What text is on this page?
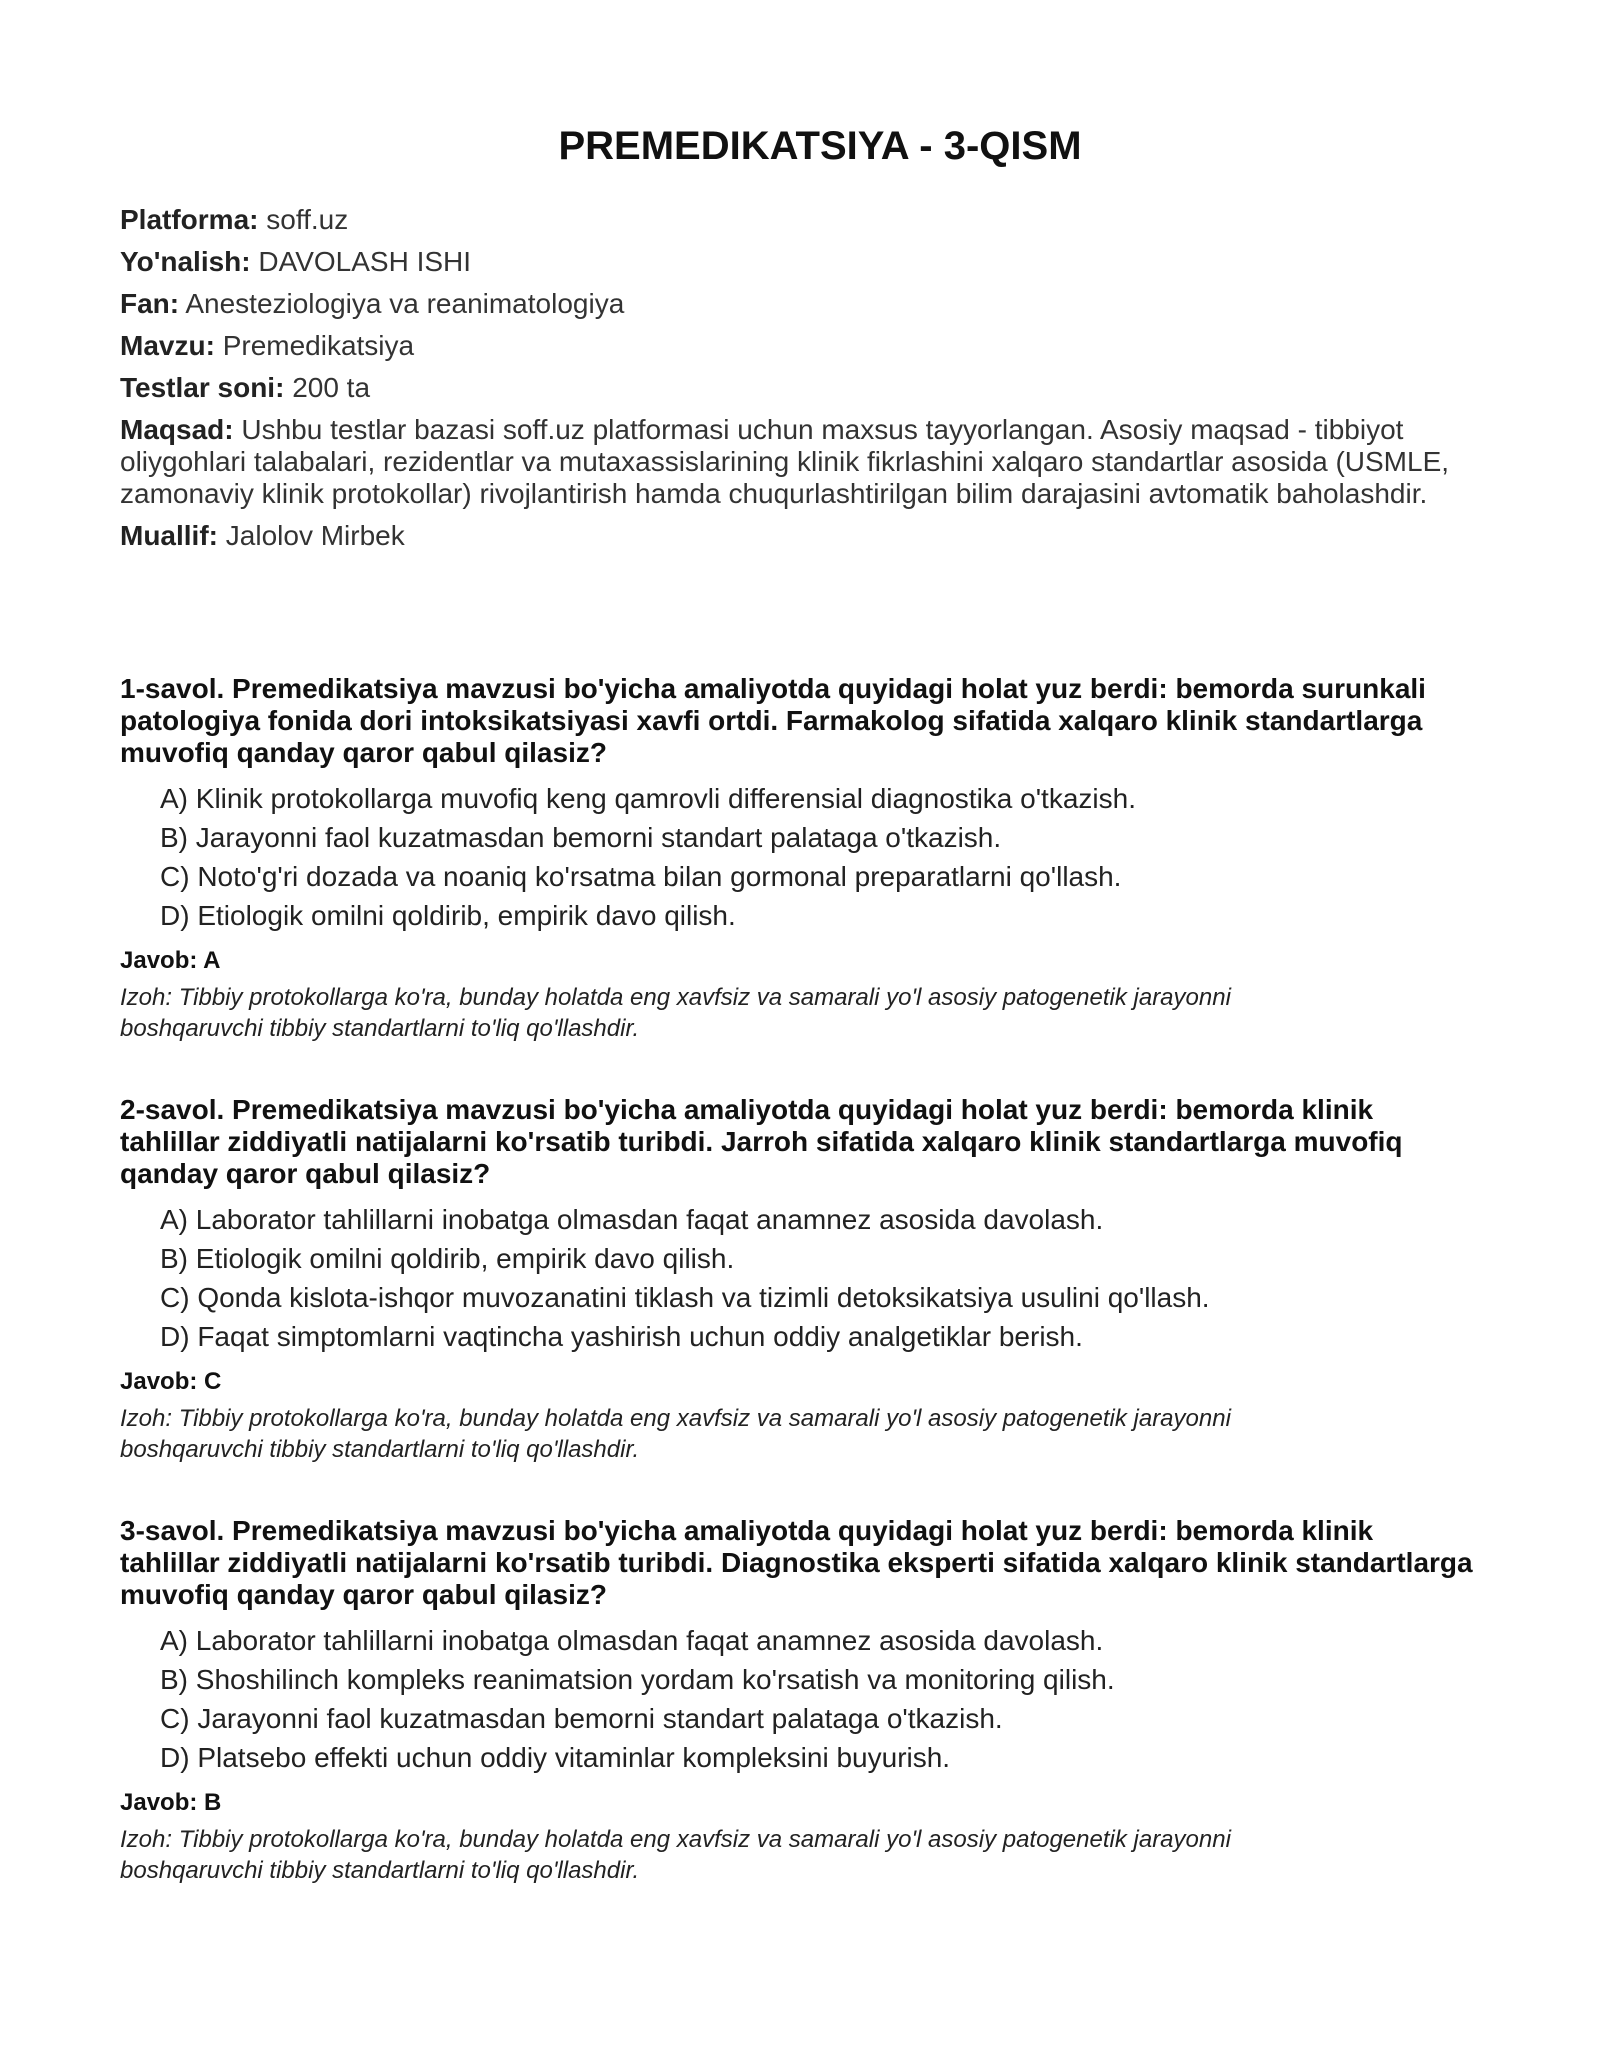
PREMEDIKATSIYA - 3-QISM
Platforma: soff.uz
Yo'nalish: DAVOLASH ISHI
Fan: Anesteziologiya va reanimatologiya
Mavzu: Premedikatsiya
Testlar soni: 200 ta
Maqsad: Ushbu testlar bazasi soff.uz platformasi uchun maxsus tayyorlangan. Asosiy maqsad - tibbiyot oliygohlari talabalari, rezidentlar va mutaxassislarining klinik fikrlashini xalqaro standartlar asosida (USMLE, zamonaviy klinik protokollar) rivojlantirish hamda chuqurlashtirilgan bilim darajasini avtomatik baholashdir.
Muallif: Jalolov Mirbek

1-savol. Premedikatsiya mavzusi bo'yicha amaliyotda quyidagi holat yuz berdi: bemorda surunkali patologiya fonida dori intoksikatsiyasi xavfi ortdi. Farmakolog sifatida xalqaro klinik standartlarga muvofiq qanday qaror qabul qilasiz?

A) Klinik protokollarga muvofiq keng qamrovli differensial diagnostika o'tkazish.
B) Jarayonni faol kuzatmasdan bemorni standart palataga o'tkazish.
C) Noto'g'ri dozada va noaniq ko'rsatma bilan gormonal preparatlarni qo'llash.
D) Etiologik omilni qoldirib, empirik davo qilish.

Javob: A

Izoh: Tibbiy protokollarga ko'ra, bunday holatda eng xavfsiz va samarali yo'l asosiy patogenetik jarayonni boshqaruvchi tibbiy standartlarni to'liq qo'llashdir.

2-savol. Premedikatsiya mavzusi bo'yicha amaliyotda quyidagi holat yuz berdi: bemorda klinik tahlillar ziddiyatli natijalarni ko'rsatib turibdi. Jarroh sifatida xalqaro klinik standartlarga muvofiq qanday qaror qabul qilasiz?

A) Laborator tahlillarni inobatga olmasdan faqat anamnez asosida davolash.
B) Etiologik omilni qoldirib, empirik davo qilish.
C) Qonda kislota-ishqor muvozanatini tiklash va tizimli detoksikatsiya usulini qo'llash.
D) Faqat simptomlarni vaqtincha yashirish uchun oddiy analgetiklar berish.

Javob: C

Izoh: Tibbiy protokollarga ko'ra, bunday holatda eng xavfsiz va samarali yo'l asosiy patogenetik jarayonni boshqaruvchi tibbiy standartlarni to'liq qo'llashdir.

3-savol. Premedikatsiya mavzusi bo'yicha amaliyotda quyidagi holat yuz berdi: bemorda klinik tahlillar ziddiyatli natijalarni ko'rsatib turibdi. Diagnostika eksperti sifatida xalqaro klinik standartlarga muvofiq qanday qaror qabul qilasiz?

A) Laborator tahlillarni inobatga olmasdan faqat anamnez asosida davolash.
B) Shoshilinch kompleks reanimatsion yordam ko'rsatish va monitoring qilish.
C) Jarayonni faol kuzatmasdan bemorni standart palataga o'tkazish.
D) Platsebo effekti uchun oddiy vitaminlar kompleksini buyurish.

Javob: B

Izoh: Tibbiy protokollarga ko'ra, bunday holatda eng xavfsiz va samarali yo'l asosiy patogenetik jarayonni boshqaruvchi tibbiy standartlarni to'liq qo'llashdir.
